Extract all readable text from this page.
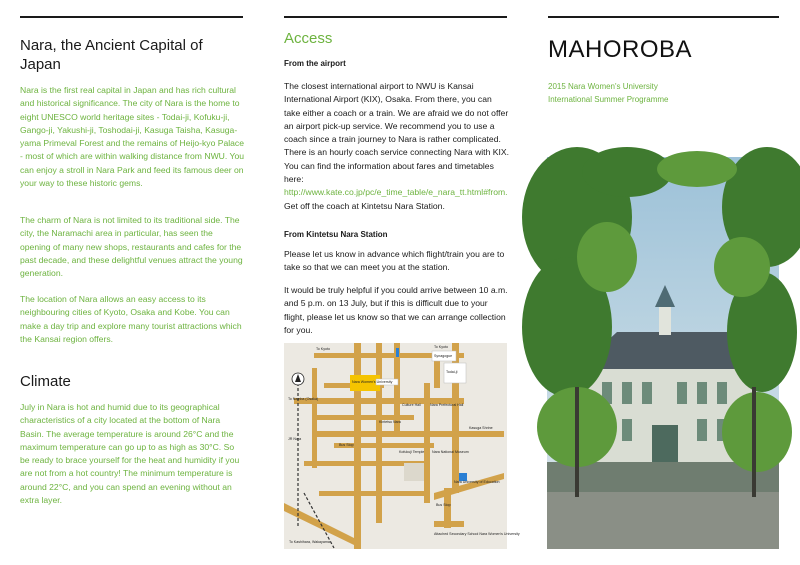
Nara, the Ancient Capital of Japan
Nara is the first real capital in Japan and has rich cultural and historical significance. The city of Nara is the home to eight UNESCO world heritage sites - Todai-ji, Kofuku-ji, Gango-ji, Yakushi-ji, Toshodai-ji, Kasuga Taisha, Kasuga-yama Primeval Forest and the remains of Heijo-kyo Palace - most of which are within walking distance from NWU. You can enjoy a stroll in Nara Park and feed its famous deer on your way to these historic gems.
The charm of Nara is not limited to its traditional side. The city, the Naramachi area in particular, has seen the opening of many new shops, restaurants and cafes for the past decade, and these delightful venues attract the young generation.
The location of Nara allows an easy access to its neighbouring cities of Kyoto, Osaka and Kobe. You can make a day trip and explore many tourist attractions which the Kansai region offers.
Climate
July in Nara is hot and humid due to its geographical characteristics of a city located at the bottom of Nara Basin. The average temperature is around 26°C and the maximum temperature can go up to as high as 30°C. So be ready to brace yourself for the heat and humidity if you are not from a hot country! The minimum temperature is around 22°C, and you can spend an evening without an extra layer.
Access
From the airport
The closest international airport to NWU is Kansai International Airport (KIX), Osaka. From there, you can take either a coach or a train. We are afraid we do not offer an airport pick-up service. We recommend you to use a coach since a train journey to Nara is rather complicated. There is an hourly coach service connecting Nara with KIX. You can find the information about fares and timetables here: http://www.kate.co.jp/pc/e_time_table/e_nara_tt.html#from. Get off the coach at Kintetsu Nara Station.
From Kintetsu Nara Station
Please let us know in advance which flight/train you are to take so that we can meet you at the station.
It would be truly helpful if you could arrive between 10 a.m. and 5 p.m. on 13 July, but if this is difficult due to your flight, please let us know so that we can arrange collection for you.
To Kyoto	To Kyoto
Nara Women's University
To Namba (Osaka)
Kintetsu Nara
Culture Hall	Nara Prefectural Hall
Kofukuji Temple Nara National Museum
JR Nara
Bus Stop
Kasuga Shrine
Synagogue
Todai-ji
Nara University of Education
Bus Stop
Attached Secondary School Nara Women's University
To Kashihara, Wakayama
MAHOROBA
2015 Nara Women's University
International Summer Programme
